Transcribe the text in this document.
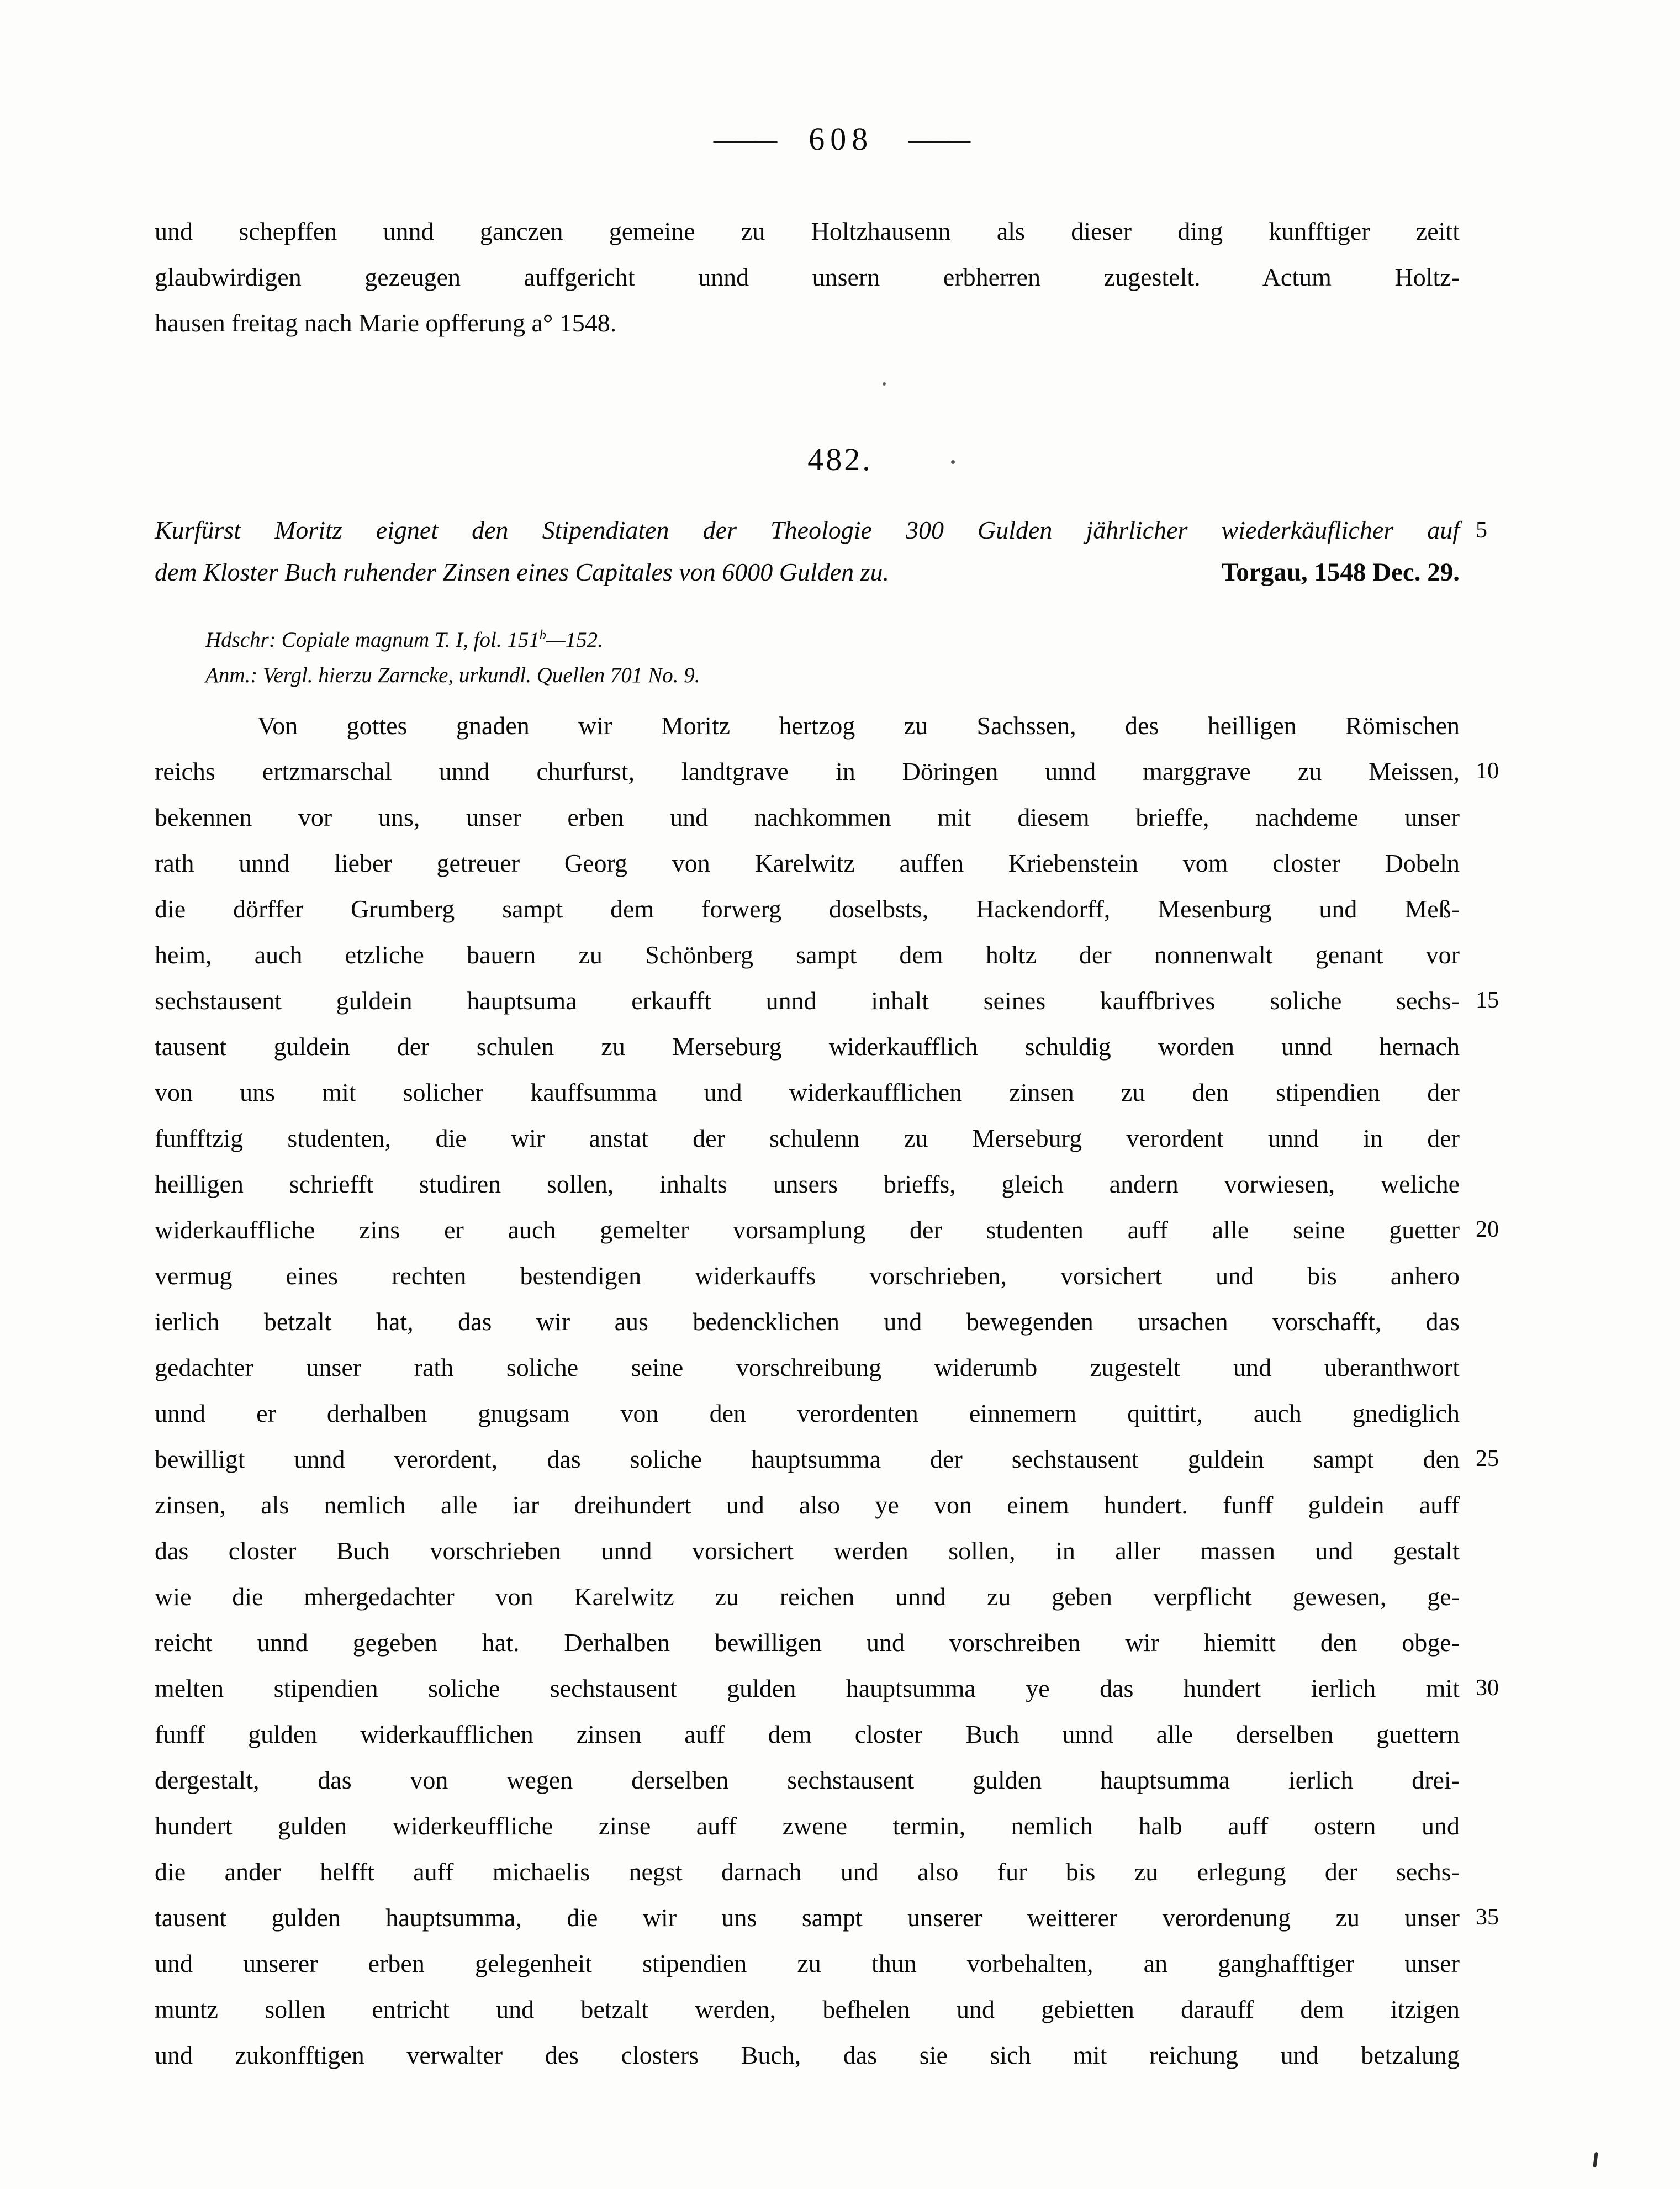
— —— 608 ———
und schepffen unnd ganczen gemeine zu Holtzhausenn als dieser ding kunfftiger zeitt
glaubwirdigen gezeugen auffgericht unnd unsern erbherren zugestelt. Actum Holtz-
hausen freitag nach Marie opfferung a° 1548.
482.
Kurfürst Moritz eignet den Stipendiaten der Theologie 300 Gulden jährlicher wiederkäuflicher auf 5
dem Kloster Buch ruhender Zinsen eines Capitales von 6000 Gulden zu.	Torgau, 1548 Dec. 29.
Hdschr: Copiale magnum T. I, fol. 151$^b$—152.
Anm.: Vergl. hierzu Zarncke, urkundl. Quellen 701 No. 9.
Von gottes gnaden wir Moritz hertzog zu Sachssen, des heilligen Römischen
reichs ertzmarschal unnd churfurst, landtgrave in Döringen unnd marggrave zu Meissen, 10
bekennen vor uns, unser erben und nachkommen mit diesem brieffe, nachdeme unser
rath unnd lieber getreuer Georg von Karelwitz auffen Kriebenstein vom closter Dobeln
die dörffer Grumberg sampt dem forwerg doselbsts, Hackendorff, Mesenburg und Meß-
heim, auch etzliche bauern zu Schönberg sampt dem holtz der nonnenwalt genant vor
sechstausent guldein hauptsuma erkaufft unnd inhalt seines kauffbrives soliche sechs- 15
tausent guldein der schulen zu Merseburg widerkaufflich schuldig worden unnd hernach
von uns mit solicher kauffsumma und widerkaufflichen zinsen zu den stipendien der
funfftzig studenten, die wir anstat der schulenn zu Merseburg verordent unnd in der
heilligen schriefft studiren sollen, inhalts unsers brieffs, gleich andern vorwiesen, weliche
widerkauffliche zins er auch gemelter vorsamplung der studenten auff alle seine guetter 20
vermug eines rechten bestendigen widerkauffs vorschrieben, vorsichert und bis anhero
ierlich betzalt hat, das wir aus bedencklichen und bewegenden ursachen vorschafft, das
gedachter unser rath soliche seine vorschreibung widerumb zugestelt und uberanthwort
unnd er derhalben gnugsam von den verordenten einnemern quittirt, auch gnediglich
bewilligt unnd verordent, das soliche hauptsumma der sechstausent guldein sampt den 25
zinsen, als nemlich alle iar dreihundert und also ye von einem hundert. funff guldein auff
das closter Buch vorschrieben unnd vorsichert werden sollen, in aller massen und gestalt
wie die mhergedachter von Karelwitz zu reichen unnd zu geben verpflicht gewesen, ge-
reicht unnd gegeben hat. Derhalben bewilligen und vorschreiben wir hiemitt den obge-
melten stipendien soliche sechstausent gulden hauptsumma ye das hundert ierlich mit 30
funff gulden widerkaufflichen zinsen auff dem closter Buch unnd alle derselben guettern
dergestalt, das von wegen derselben sechstausent gulden hauptsumma ierlich drei-
hundert gulden widerkeuffliche zinse auff zwene termin, nemlich halb auff ostern und
die ander helfft auff michaelis negst darnach und also fur bis zu erlegung der sechs-
tausent gulden hauptsumma, die wir uns sampt unserer weitterer verordenung zu unser 35
und unserer erben gelegenheit stipendien zu thun vorbehalten, an ganghafftiger unser
muntz sollen entricht und betzalt werden, befhelen und gebietten darauff dem itzigen
und zukonfftigen verwalter des closters Buch, das sie sich mit reichung und betzalung
